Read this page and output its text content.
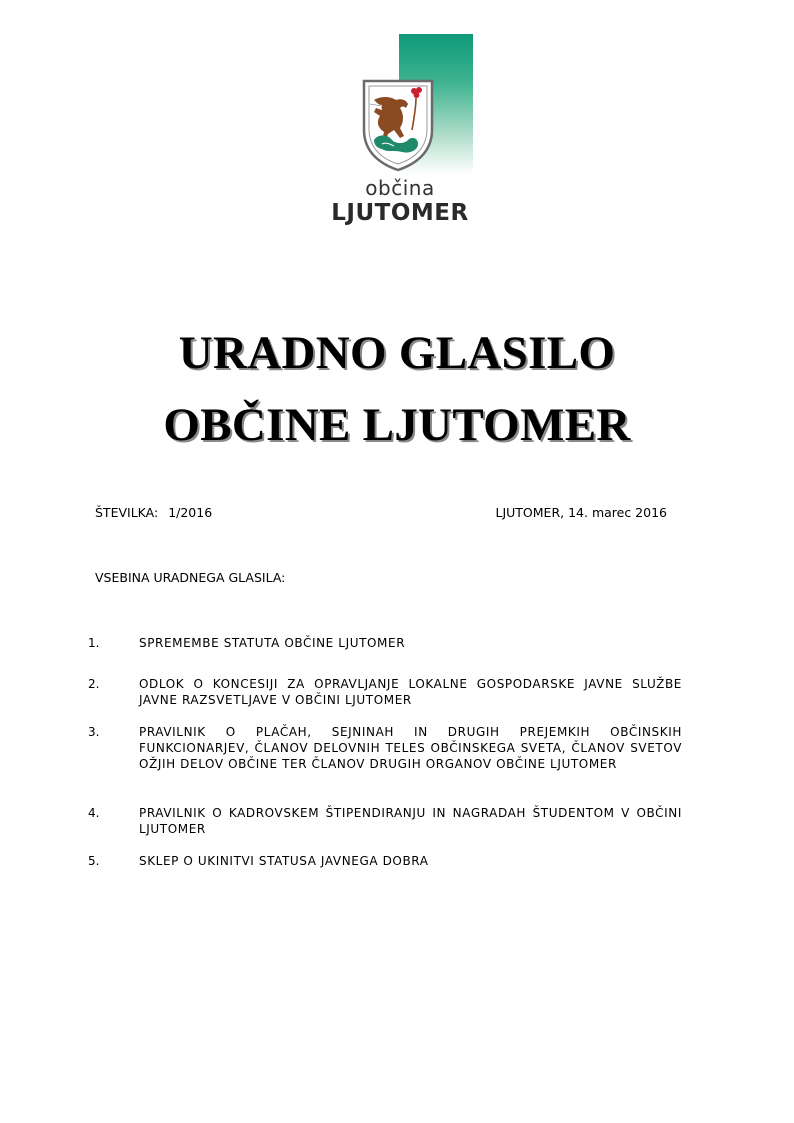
občina
LJUTOMER
URADNO GLASILO
OBČINE LJUTOMER
ŠTEVILKA: 1/2016	LJUTOMER, 14. marec 2016
VSEBINA URADNEGA GLASILA:
1.	SPREMEMBE STATUTA OBČINE LJUTOMER
2.	ODLOK O KONCESIJI ZA OPRAVLJANJE LOKALNE GOSPODARSKE JAVNE SLUŽBE JAVNE RAZSVETLJAVE V OBČINI LJUTOMER
3.	PRAVILNIK O PLAČAH, SEJNINAH IN DRUGIH PREJEMKIH OBČINSKIH FUNKCIONARJEV, ČLANOV DELOVNIH TELES OBČINSKEGA SVETA, ČLANOV SVETOV OŽJIH DELOV OBČINE TER ČLANOV DRUGIH ORGANOV OBČINE LJUTOMER
4.	PRAVILNIK O KADROVSKEM ŠTIPENDIRANJU IN NAGRADAH ŠTUDENTOM V OBČINI LJUTOMER
5.	SKLEP O UKINITVI STATUSA JAVNEGA DOBRA
